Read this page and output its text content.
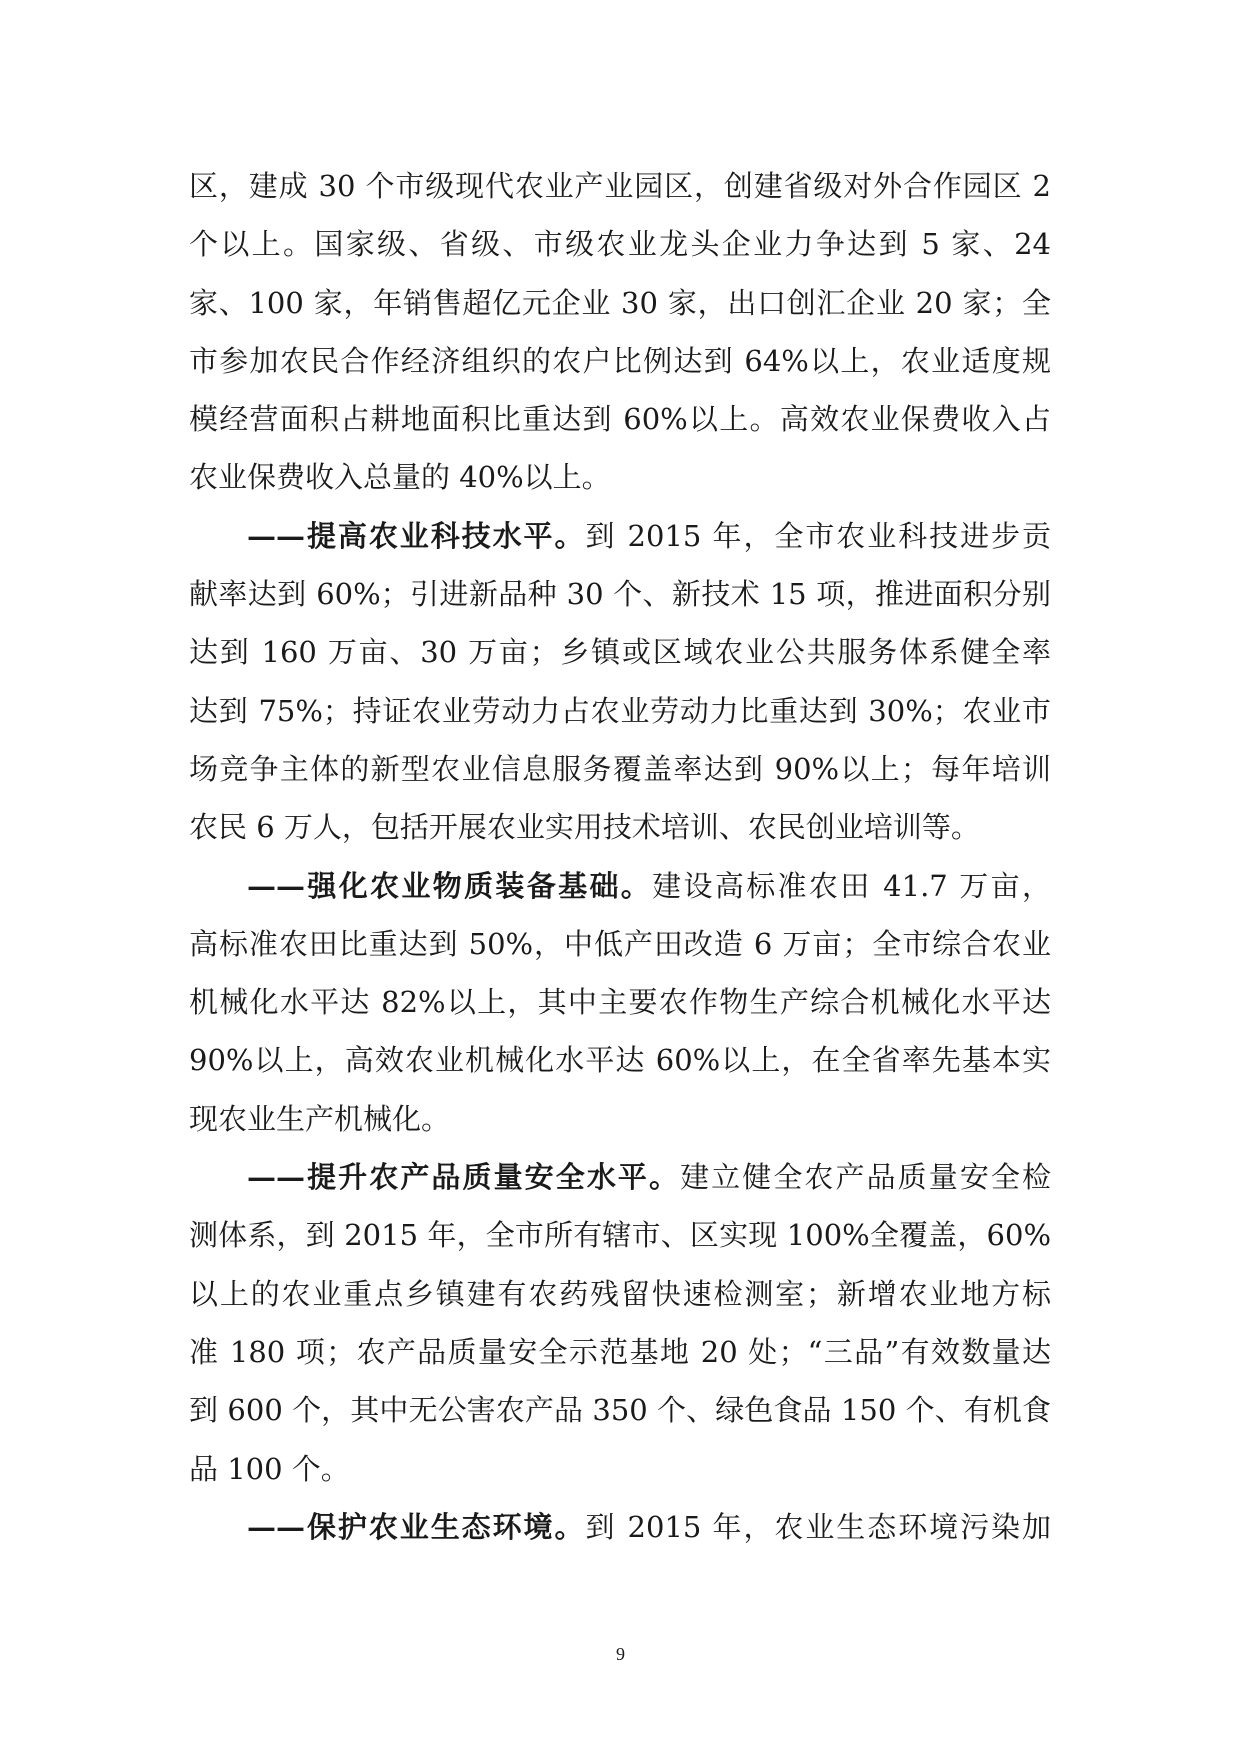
区，建成 30 个市级现代农业产业园区，创建省级对外合作园区 2
个以上。国家级、省级、市级农业龙头企业力争达到 5 家、24
家、100 家，年销售超亿元企业 30 家，出口创汇企业 20 家；全
市参加农民合作经济组织的农户比例达到 64%以上，农业适度规
模经营面积占耕地面积比重达到 60%以上。高效农业保费收入占
农业保费收入总量的 40%以上。
——提高农业科技水平。到 2015 年，全市农业科技进步贡
献率达到 60%；引进新品种 30 个、新技术 15 项，推进面积分别
达到 160 万亩、30 万亩；乡镇或区域农业公共服务体系健全率
达到 75%；持证农业劳动力占农业劳动力比重达到 30%；农业市
场竞争主体的新型农业信息服务覆盖率达到 90%以上；每年培训
农民 6 万人，包括开展农业实用技术培训、农民创业培训等。
——强化农业物质装备基础。建设高标准农田 41.7 万亩，
高标准农田比重达到 50%，中低产田改造 6 万亩；全市综合农业
机械化水平达 82%以上，其中主要农作物生产综合机械化水平达
90%以上，高效农业机械化水平达 60%以上，在全省率先基本实
现农业生产机械化。
——提升农产品质量安全水平。建立健全农产品质量安全检
测体系，到 2015 年，全市所有辖市、区实现 100%全覆盖，60%
以上的农业重点乡镇建有农药残留快速检测室；新增农业地方标
准 180 项；农产品质量安全示范基地 20 处；“三品”有效数量达
到 600 个，其中无公害农产品 350 个、绿色食品 150 个、有机食
品 100 个。
——保护农业生态环境。到 2015 年，农业生态环境污染加
9
